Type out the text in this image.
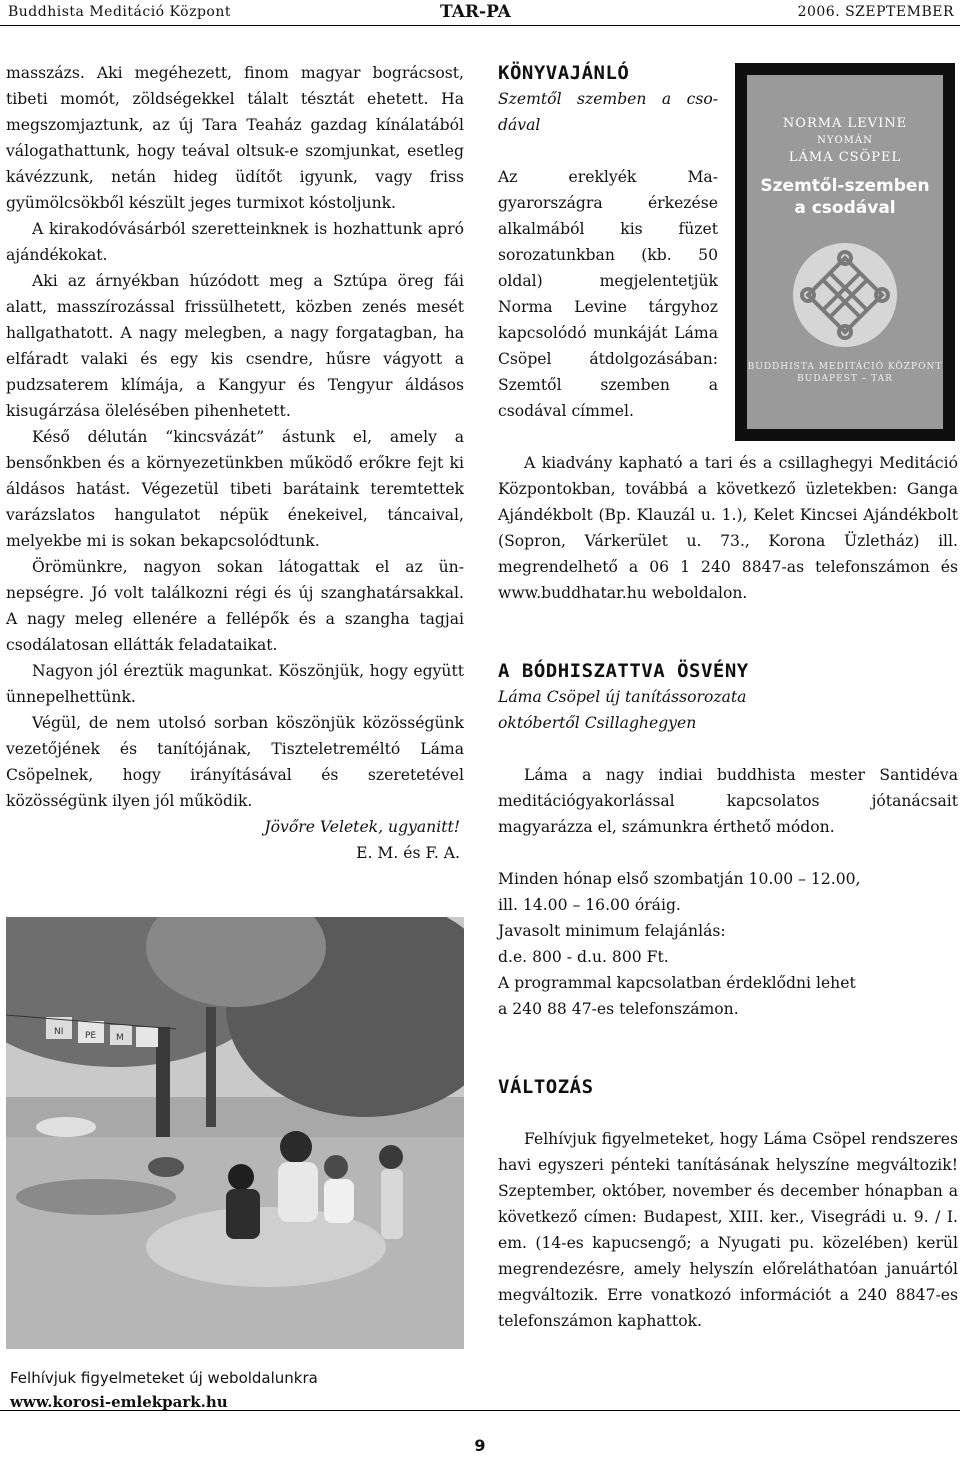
Buddhista Meditáció Központ	TAR-PA	2006. SZEPTEMBER

masszázs. Aki megéhezett, finom magyar bográcsost, tibeti momót, zöldségekkel tálalt tésztát ehetett. Ha megszomjaztunk, az új Tara Teaház gazdag kínálatából válogathattunk, hogy teával oltsuk-e szomjunkat, esetleg kávézzunk, netán hideg üdítőt igyunk, vagy friss gyümölcsökből készült jeges turmixot kóstoljunk.

A kirakodóvásárból szeretteinknek is hozhattunk apró ajándékokat.

Aki az árnyékban húzódott meg a Sztúpa öreg fái alatt, masszírozással frissülhetett, közben zenés mesét hallgathatott. A nagy melegben, a nagy forgatagban, ha elfáradt valaki és egy kis csendre, hűsre vágyott a pudzsaterem klímája, a Kangyur és Tengyur áldásos kisugárzása ölelésében pihenhetett.

Késő délután “kincsvázát” ástunk el, amely a bensőnkben és a környezetünkben működő erőkre fejt ki áldásos hatást. Végezetül tibeti barátaink teremtettek varázslatos hangulatot népük énekeivel, táncaival, melyekbe mi is sokan bekapcsolódtunk.

Örömünkre, nagyon sokan látogattak el az ünnepségre. Jó volt találkozni régi és új szanghatársakkal. A nagy meleg ellenére a fellépők és a szangha tagjai csodálatosan ellátták feladataikat.

Nagyon jól éreztük magunkat. Köszönjük, hogy együtt ünnepelhettünk.

Végül, de nem utolsó sorban köszönjük közösségünk vezetőjének és tanítójának, Tiszteletreméltó Láma Csöpelnek, hogy irányításával és szeretetével közösségünk ilyen jól működik.

Jövőre Veletek, ugyanitt!

E. M. és F. A.

NI PE M
Felhívjuk figyelmeteket új weboldalunkra
www.korosi-emlekpark.hu
NORMA LEVINE
NYOMÁN
LÁMA CSÖPEL
Szemtől-szemben
a csodával
BUDDHISTA MEDITÁCIÓ KÖZPONT
BUDAPEST – TAR
KÖNYVAJÁNLÓ

Szemtől szemben a csodával

Az ereklyék Magyarországra érkezése alkalmából kis füzet sorozatunkban (kb. 50 oldal) megjelentetjük Norma Levine tárgyhoz kapcsolódó munkáját Láma Csöpel átdolgozásában: Szemtől szemben a csodával címmel.

A kiadvány kapható a tari és a csillaghegyi Meditáció Központokban, továbbá a következő üzletekben: Ganga Ajándékbolt (Bp. Klauzál u. 1.), Kelet Kincsei Ajándékbolt (Sopron, Várkerület u. 73., Korona Üzletház) ill. megrendelhető a 06 1 240 8847-as telefonszámon és www.buddhatar.hu weboldalon.

A BÓDHISZATTVA ÖSVÉNY

Láma Csöpel új tanítássorozata

októbertől Csillaghegyen

Láma a nagy indiai buddhista mester Santidéva meditációgyakorlással kapcsolatos jótanácsait magyarázza el, számunkra érthető módon.

Minden hónap első szombatján 10.00 – 12.00,

ill. 14.00 – 16.00 óráig.

Javasolt minimum felajánlás:

d.e. 800 - d.u. 800 Ft.

A programmal kapcsolatban érdeklődni lehet

a 240 88 47-es telefonszámon.

VÁLTOZÁS

Felhívjuk figyelmeteket, hogy Láma Csöpel rendszeres havi egyszeri pénteki tanításának helyszíne megváltozik! Szeptember, október, november és december hónapban a következő címen: Budapest, XIII. ker., Visegrádi u. 9. / I. em. (14-es kapucsengő; a Nyugati pu. közelében) kerül megrendezésre, amely helyszín előreláthatóan januártól megváltozik. Erre vonatkozó információt a 240 8847-es telefonszámon kaphattok.

9
